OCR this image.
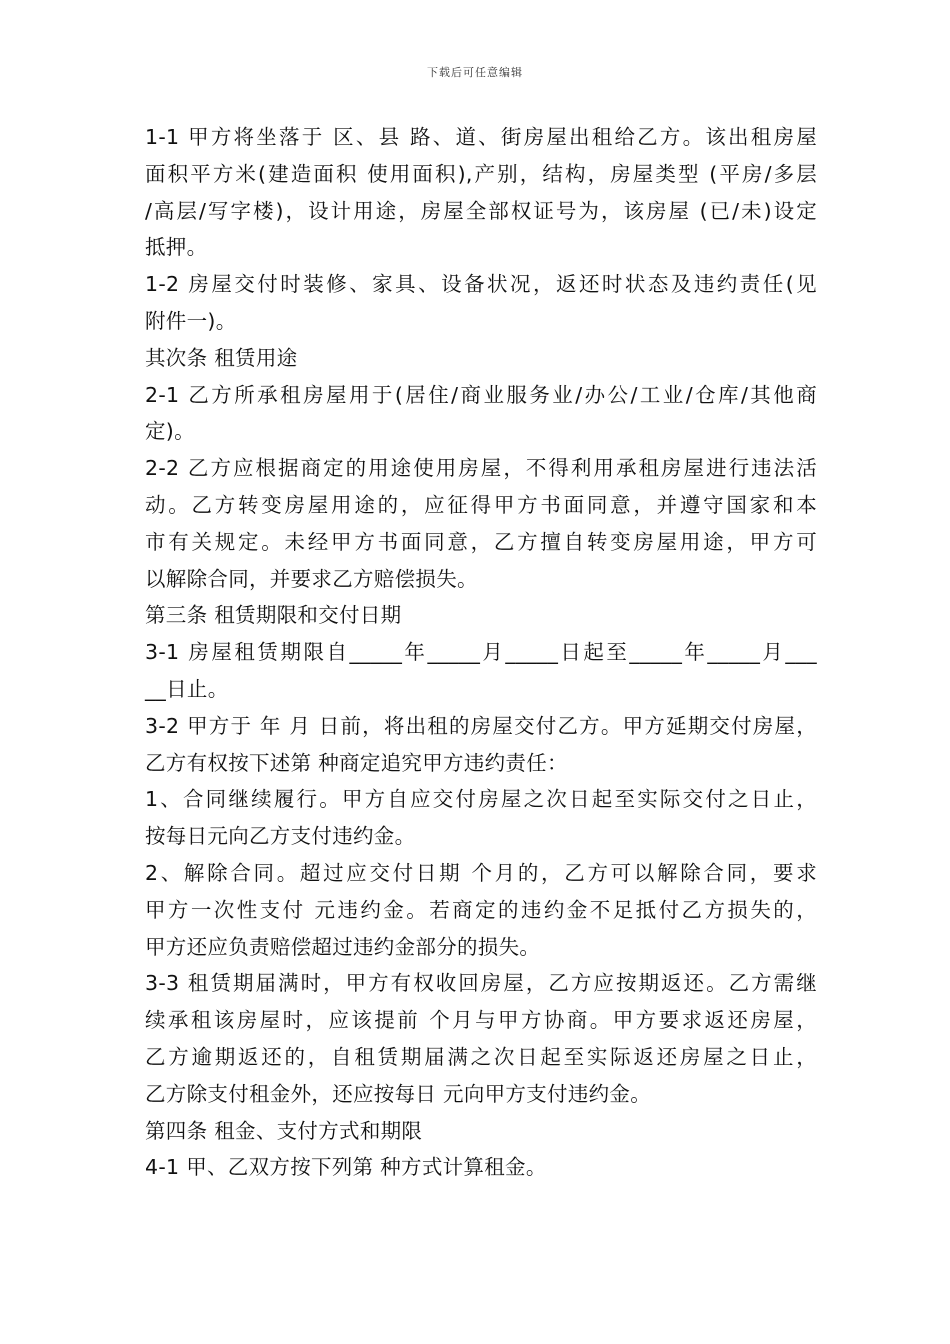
下载后可任意编辑
1-1 甲方将坐落于 区、县 路、道、街房屋出租给乙方。该出租房屋
面积平方米(建造面积 使用面积),产别，结构，房屋类型 (平房/多层
/高层/写字楼)，设计用途，房屋全部权证号为，该房屋 (已/未)设定
抵押。
1-2 房屋交付时装修、家具、设备状况，返还时状态及违约责任(见
附件一)。
其次条 租赁用途
2-1 乙方所承租房屋用于(居住/商业服务业/办公/工业/仓库/其他商
定)。
2-2 乙方应根据商定的用途使用房屋，不得利用承租房屋进行违法活
动。乙方转变房屋用途的，应征得甲方书面同意，并遵守国家和本
市有关规定。未经甲方书面同意，乙方擅自转变房屋用途，甲方可
以解除合同，并要求乙方赔偿损失。
第三条 租赁期限和交付日期
3-1 房屋租赁期限自_____年_____月_____日起至_____年_____月___
__日止。
3-2 甲方于 年 月 日前，将出租的房屋交付乙方。甲方延期交付房屋，
乙方有权按下述第 种商定追究甲方违约责任：
1、合同继续履行。甲方自应交付房屋之次日起至实际交付之日止，
按每日元向乙方支付违约金。
2、解除合同。超过应交付日期 个月的，乙方可以解除合同，要求
甲方一次性支付 元违约金。若商定的违约金不足抵付乙方损失的，
甲方还应负责赔偿超过违约金部分的损失。
3-3 租赁期届满时，甲方有权收回房屋，乙方应按期返还。乙方需继
续承租该房屋时，应该提前 个月与甲方协商。甲方要求返还房屋，
乙方逾期返还的，自租赁期届满之次日起至实际返还房屋之日止，
乙方除支付租金外，还应按每日 元向甲方支付违约金。
第四条 租金、支付方式和期限
4-1 甲、乙双方按下列第 种方式计算租金。
